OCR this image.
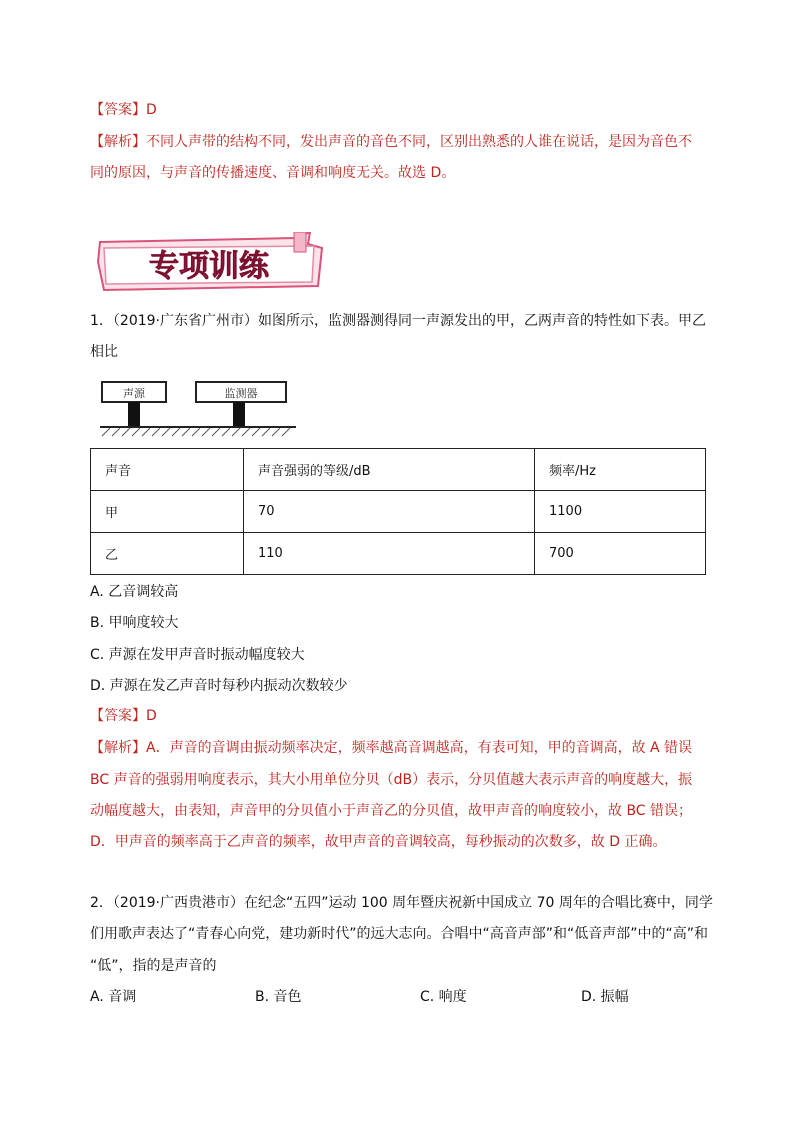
【答案】D
【解析】不同人声带的结构不同，发出声音的音色不同，区别出熟悉的人谁在说话，是因为音色不
同的原因，与声音的传播速度、音调和响度无关。故选 D。
专项训练
1．（2019·广东省广州市）如图所示，监测器测得同一声源发出的甲，乙两声音的特性如下表。甲乙
相比
声源	监测器
声音	声音强弱的等级/dB	频率/Hz
甲	70	1100
乙	110	700
A. 乙音调较高
B. 甲响度较大
C. 声源在发甲声音时振动幅度较大
D. 声源在发乙声音时每秒内振动次数较少
【答案】D
【解析】A．声音的音调由振动频率决定，频率越高音调越高，有表可知，甲的音调高，故 A 错误
BC 声音的强弱用响度表示，其大小用单位分贝（dB）表示，分贝值越大表示声音的响度越大，振
动幅度越大，由表知，声音甲的分贝值小于声音乙的分贝值，故甲声音的响度较小，故 BC 错误；
D．甲声音的频率高于乙声音的频率，故甲声音的音调较高，每秒振动的次数多，故 D 正确。
2．（2019·广西贵港市）在纪念“五四”运动 100 周年暨庆祝新中国成立 70 周年的合唱比赛中，同学
们用歌声表达了“青春心向党，建功新时代”的远大志向。合唱中“高音声部”和“低音声部”中的“高”和
“低”，指的是声音的
A. 音调	B. 音色	C. 响度	D. 振幅
